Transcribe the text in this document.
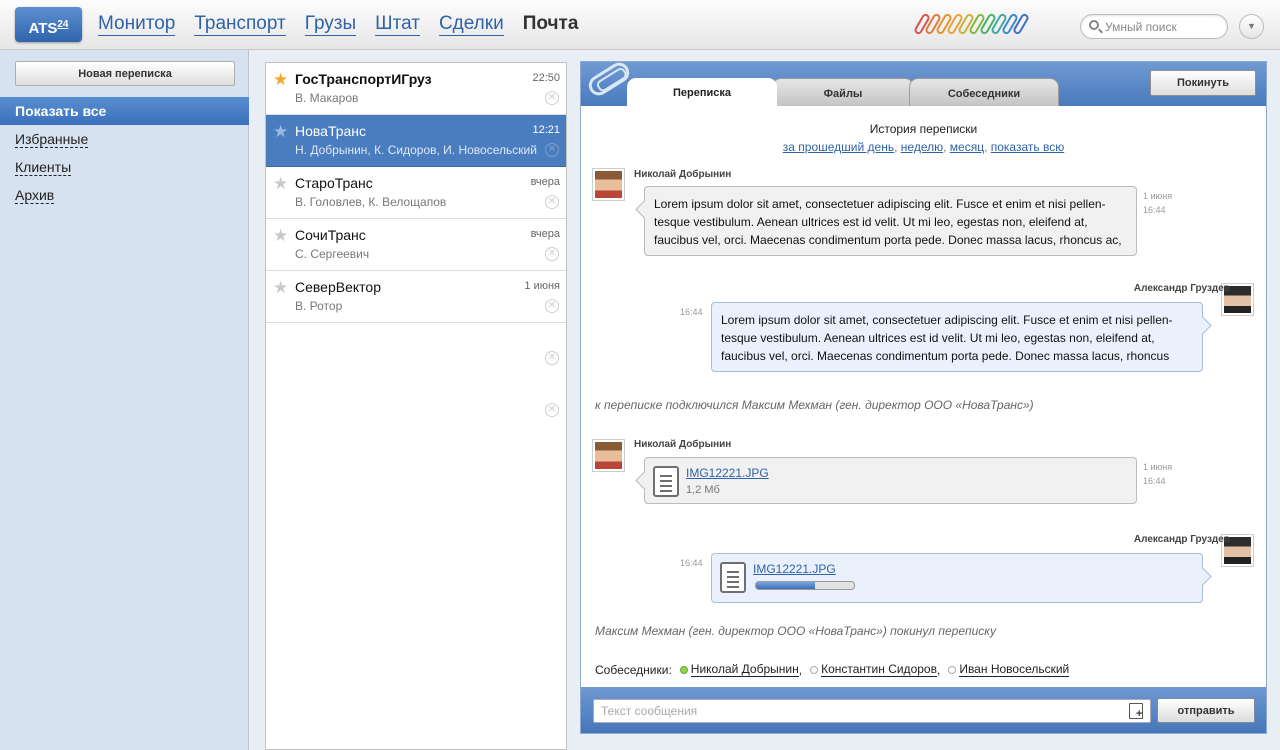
ATS$^{24}$	Монитор Транспорт Грузы Штат Сделки Почта
Умный поиск	▼
Новая переписка
Показать все
Избранные
Клиенты
Архив
★ ГосТранспортИГруз	22:50
В. Макаров	✕
★ НоваТранс	12:21
Н. Добрынин, К. Сидоров, И. Новосельский ✕
★ СтароТранс	вчера
В. Головлев, К. Велощапов	✕
★ СочиТранс	вчера
С. Сергеевич	✕
★ СеверВектор	1 июня
В. Ротор	✕
✕
✕
Файлы	Собеседники
Переписка
Покинуть
История переписки
за прошедший день, неделю, месяц, показать всю
Николай Добрынин
Lorem ipsum dolor sit amet, consectetuer adipiscing elit. Fusce et enim et nisi pellen-
tesque vestibulum. Aenean ultrices est id velit. Ut mi leo, egestas non, eleifend at,
faucibus vel, orci. Maecenas condimentum porta pede. Donec massa lacus, rhoncus ac,
1 июня
16:44
Александр Груздев
Lorem ipsum dolor sit amet, consectetuer adipiscing elit. Fusce et enim et nisi pellen-
tesque vestibulum. Aenean ultrices est id velit. Ut mi leo, egestas non, eleifend at,
faucibus vel, orci. Maecenas condimentum porta pede. Donec massa lacus, rhoncus
16:44
к переписке подключился Максим Мехман (ген. директор ООО «НоваТранс»)
Николай Добрынин
IMG12221.JPG
1,2 Мб
1 июня
16:44
Александр Груздев
IMG12221.JPG
16:44
Максим Мехман (ген. директор ООО «НоваТранс») покинул переписку
Собеседники: Николай Добрынин , Константин Сидоров , Иван Новосельский
Текст сообщения
+
отправить
